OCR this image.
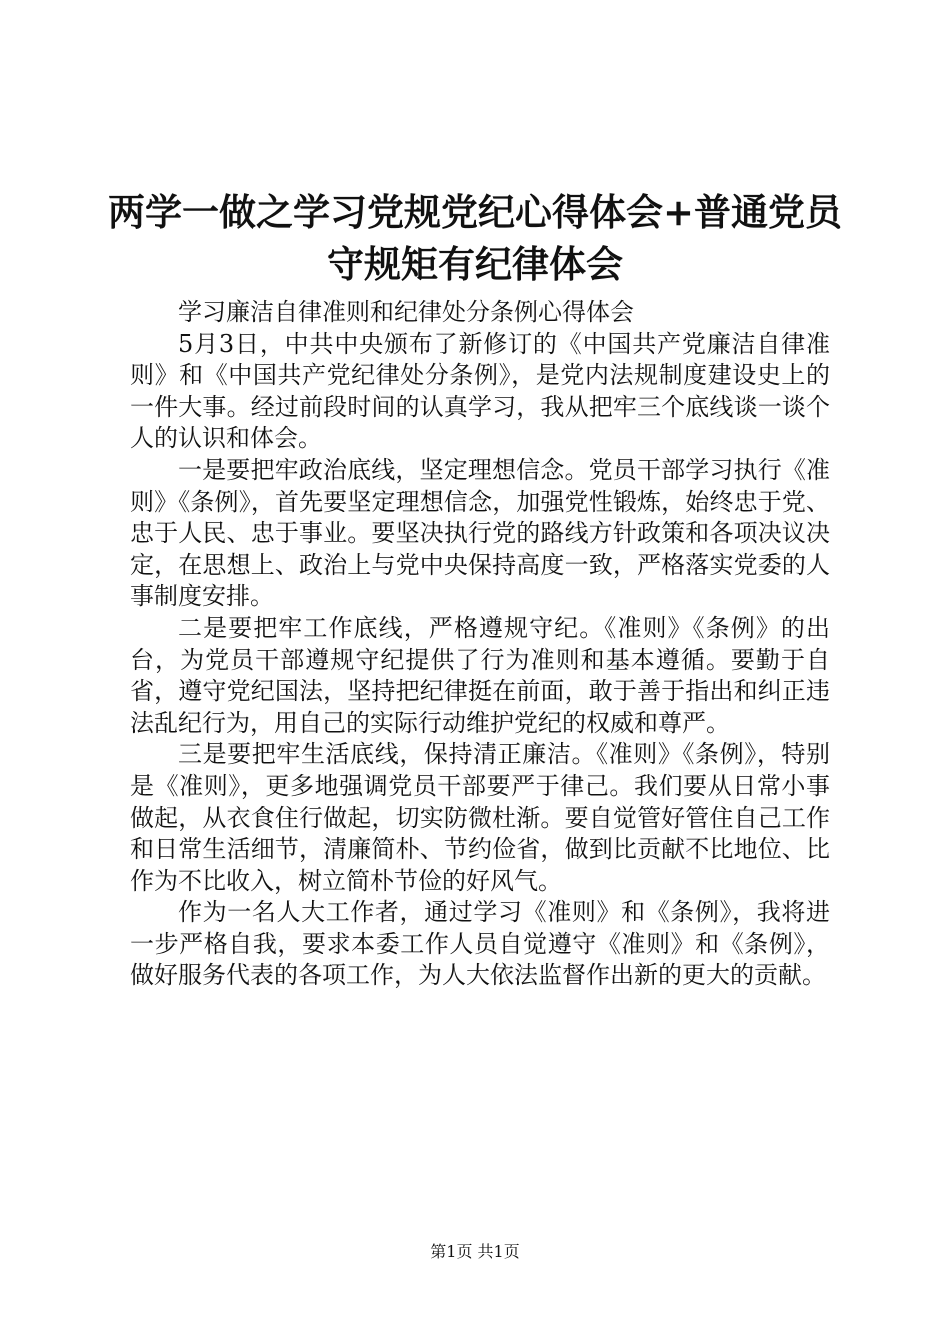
两学一做之学习党规党纪心得体会+普通党员
守规矩有纪律体会

学习廉洁自律准则和纪律处分条例心得体会

5月3日，中共中央颁布了新修订的《中国共产党廉洁自律准则》和《中国共产党纪律处分条例》，是党内法规制度建设史上的一件大事。经过前段时间的认真学习，我从把牢三个底线谈一谈个人的认识和体会。

一是要把牢政治底线，坚定理想信念。党员干部学习执行《准则》《条例》，首先要坚定理想信念，加强党性锻炼，始终忠于党、忠于人民、忠于事业。要坚决执行党的路线方针政策和各项决议决定，在思想上、政治上与党中央保持高度一致，严格落实党委的人事制度安排。

二是要把牢工作底线，严格遵规守纪。《准则》《条例》的出台，为党员干部遵规守纪提供了行为准则和基本遵循。要勤于自省，遵守党纪国法，坚持把纪律挺在前面，敢于善于指出和纠正违法乱纪行为，用自己的实际行动维护党纪的权威和尊严。

三是要把牢生活底线，保持清正廉洁。《准则》《条例》，特别是《准则》，更多地强调党员干部要严于律己。我们要从日常小事做起，从衣食住行做起，切实防微杜渐。要自觉管好管住自己工作和日常生活细节，清廉简朴、节约俭省，做到比贡献不比地位、比作为不比收入，树立简朴节俭的好风气。

作为一名人大工作者，通过学习《准则》和《条例》，我将进一步严格自我，要求本委工作人员自觉遵守《准则》和《条例》，做好服务代表的各项工作，为人大依法监督作出新的更大的贡献。

第1页 共1页
